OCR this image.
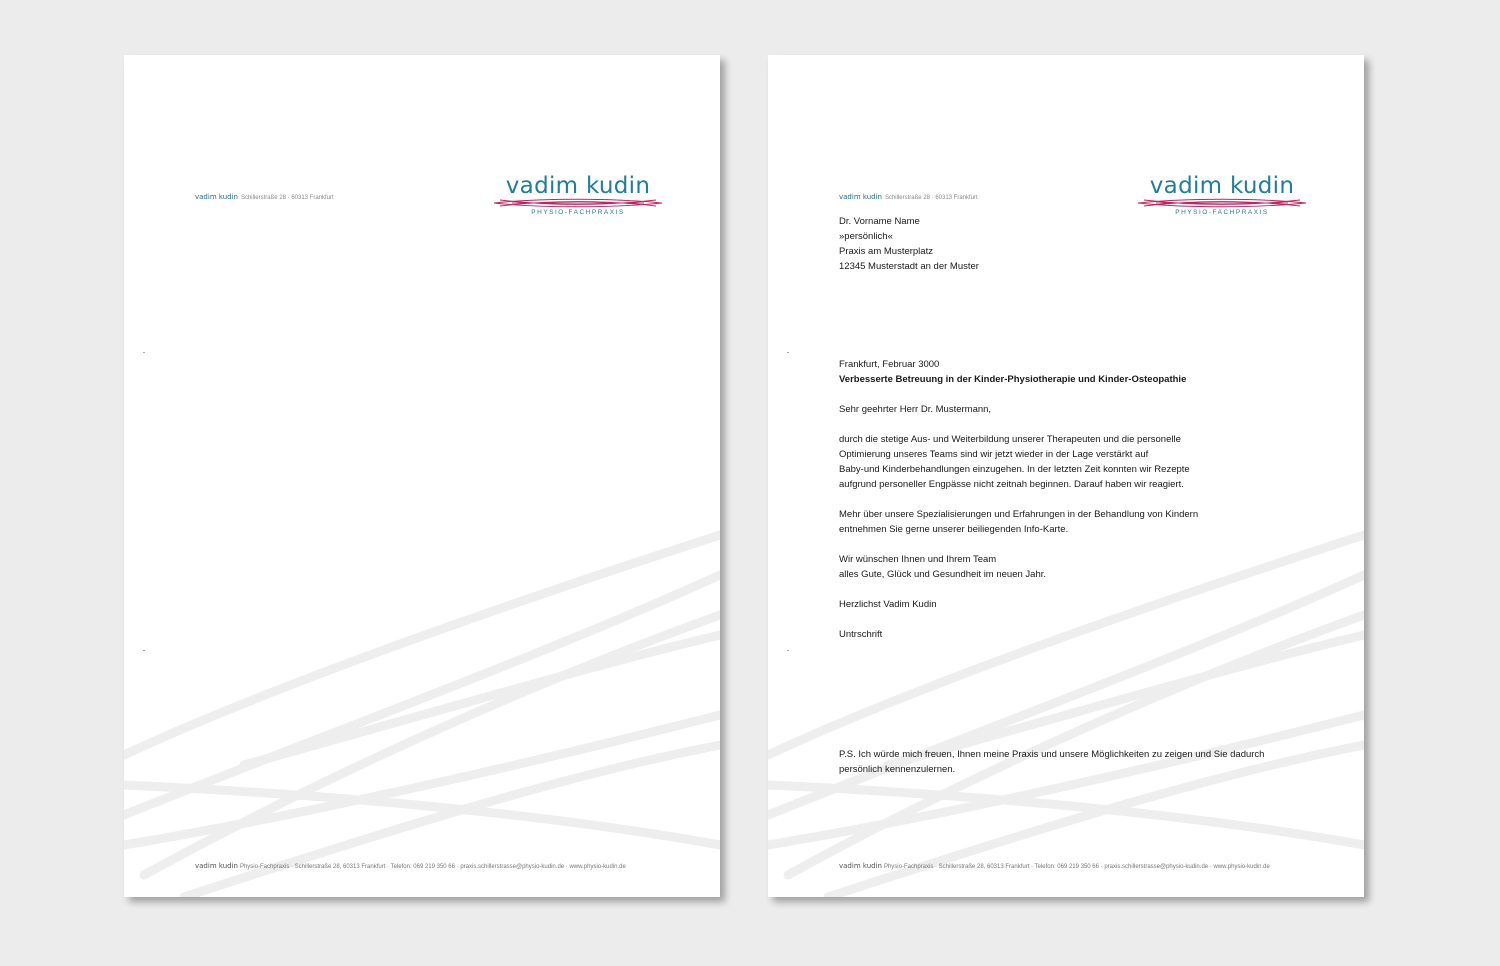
vadim kudin Schillerstraße 28 · 60313 Frankfurt	vadim kudin
PHYSIO-FACHPRAXIS
vadim kudin Physio-Fachpraxis · Schillerstraße 28, 60313 Frankfurt · Telefon: 069 219 350 66 · praxis.schillerstrasse@physio-kudin.de · www.physio-kudin.de
vadim kudin Schillerstraße 28 · 60313 Frankfurt	vadim kudin
PHYSIO-FACHPRAXIS
Dr. Vorname Name
»persönlich«
Praxis am Musterplatz
12345 Musterstadt an der Muster
Frankfurt, Februar 3000
Verbesserte Betreuung in der Kinder-Physiotherapie und Kinder-Osteopathie
Sehr geehrter Herr Dr. Mustermann,
durch die stetige Aus- und Weiterbildung unserer Therapeuten und die personelle
Optimierung unseres Teams sind wir jetzt wieder in der Lage verstärkt auf
Baby-und Kinderbehandlungen einzugehen. In der letzten Zeit konnten wir Rezepte
aufgrund personeller Engpässe nicht zeitnah beginnen. Darauf haben wir reagiert.
Mehr über unsere Spezialisierungen und Erfahrungen in der Behandlung von Kindern
entnehmen Sie gerne unserer beiliegenden Info-Karte.
Wir wünschen Ihnen und Ihrem Team
alles Gute, Glück und Gesundheit im neuen Jahr.
Herzlichst Vadim Kudin
Untrschrift
P.S. Ich würde mich freuen, Ihnen meine Praxis und unsere Möglichkeiten zu zeigen und Sie dadurch
persönlich kennenzulernen.
vadim kudin Physio-Fachpraxis · Schillerstraße 28, 60313 Frankfurt · Telefon: 069 219 350 66 · praxis.schillerstrasse@physio-kudin.de · www.physio-kudin.de
